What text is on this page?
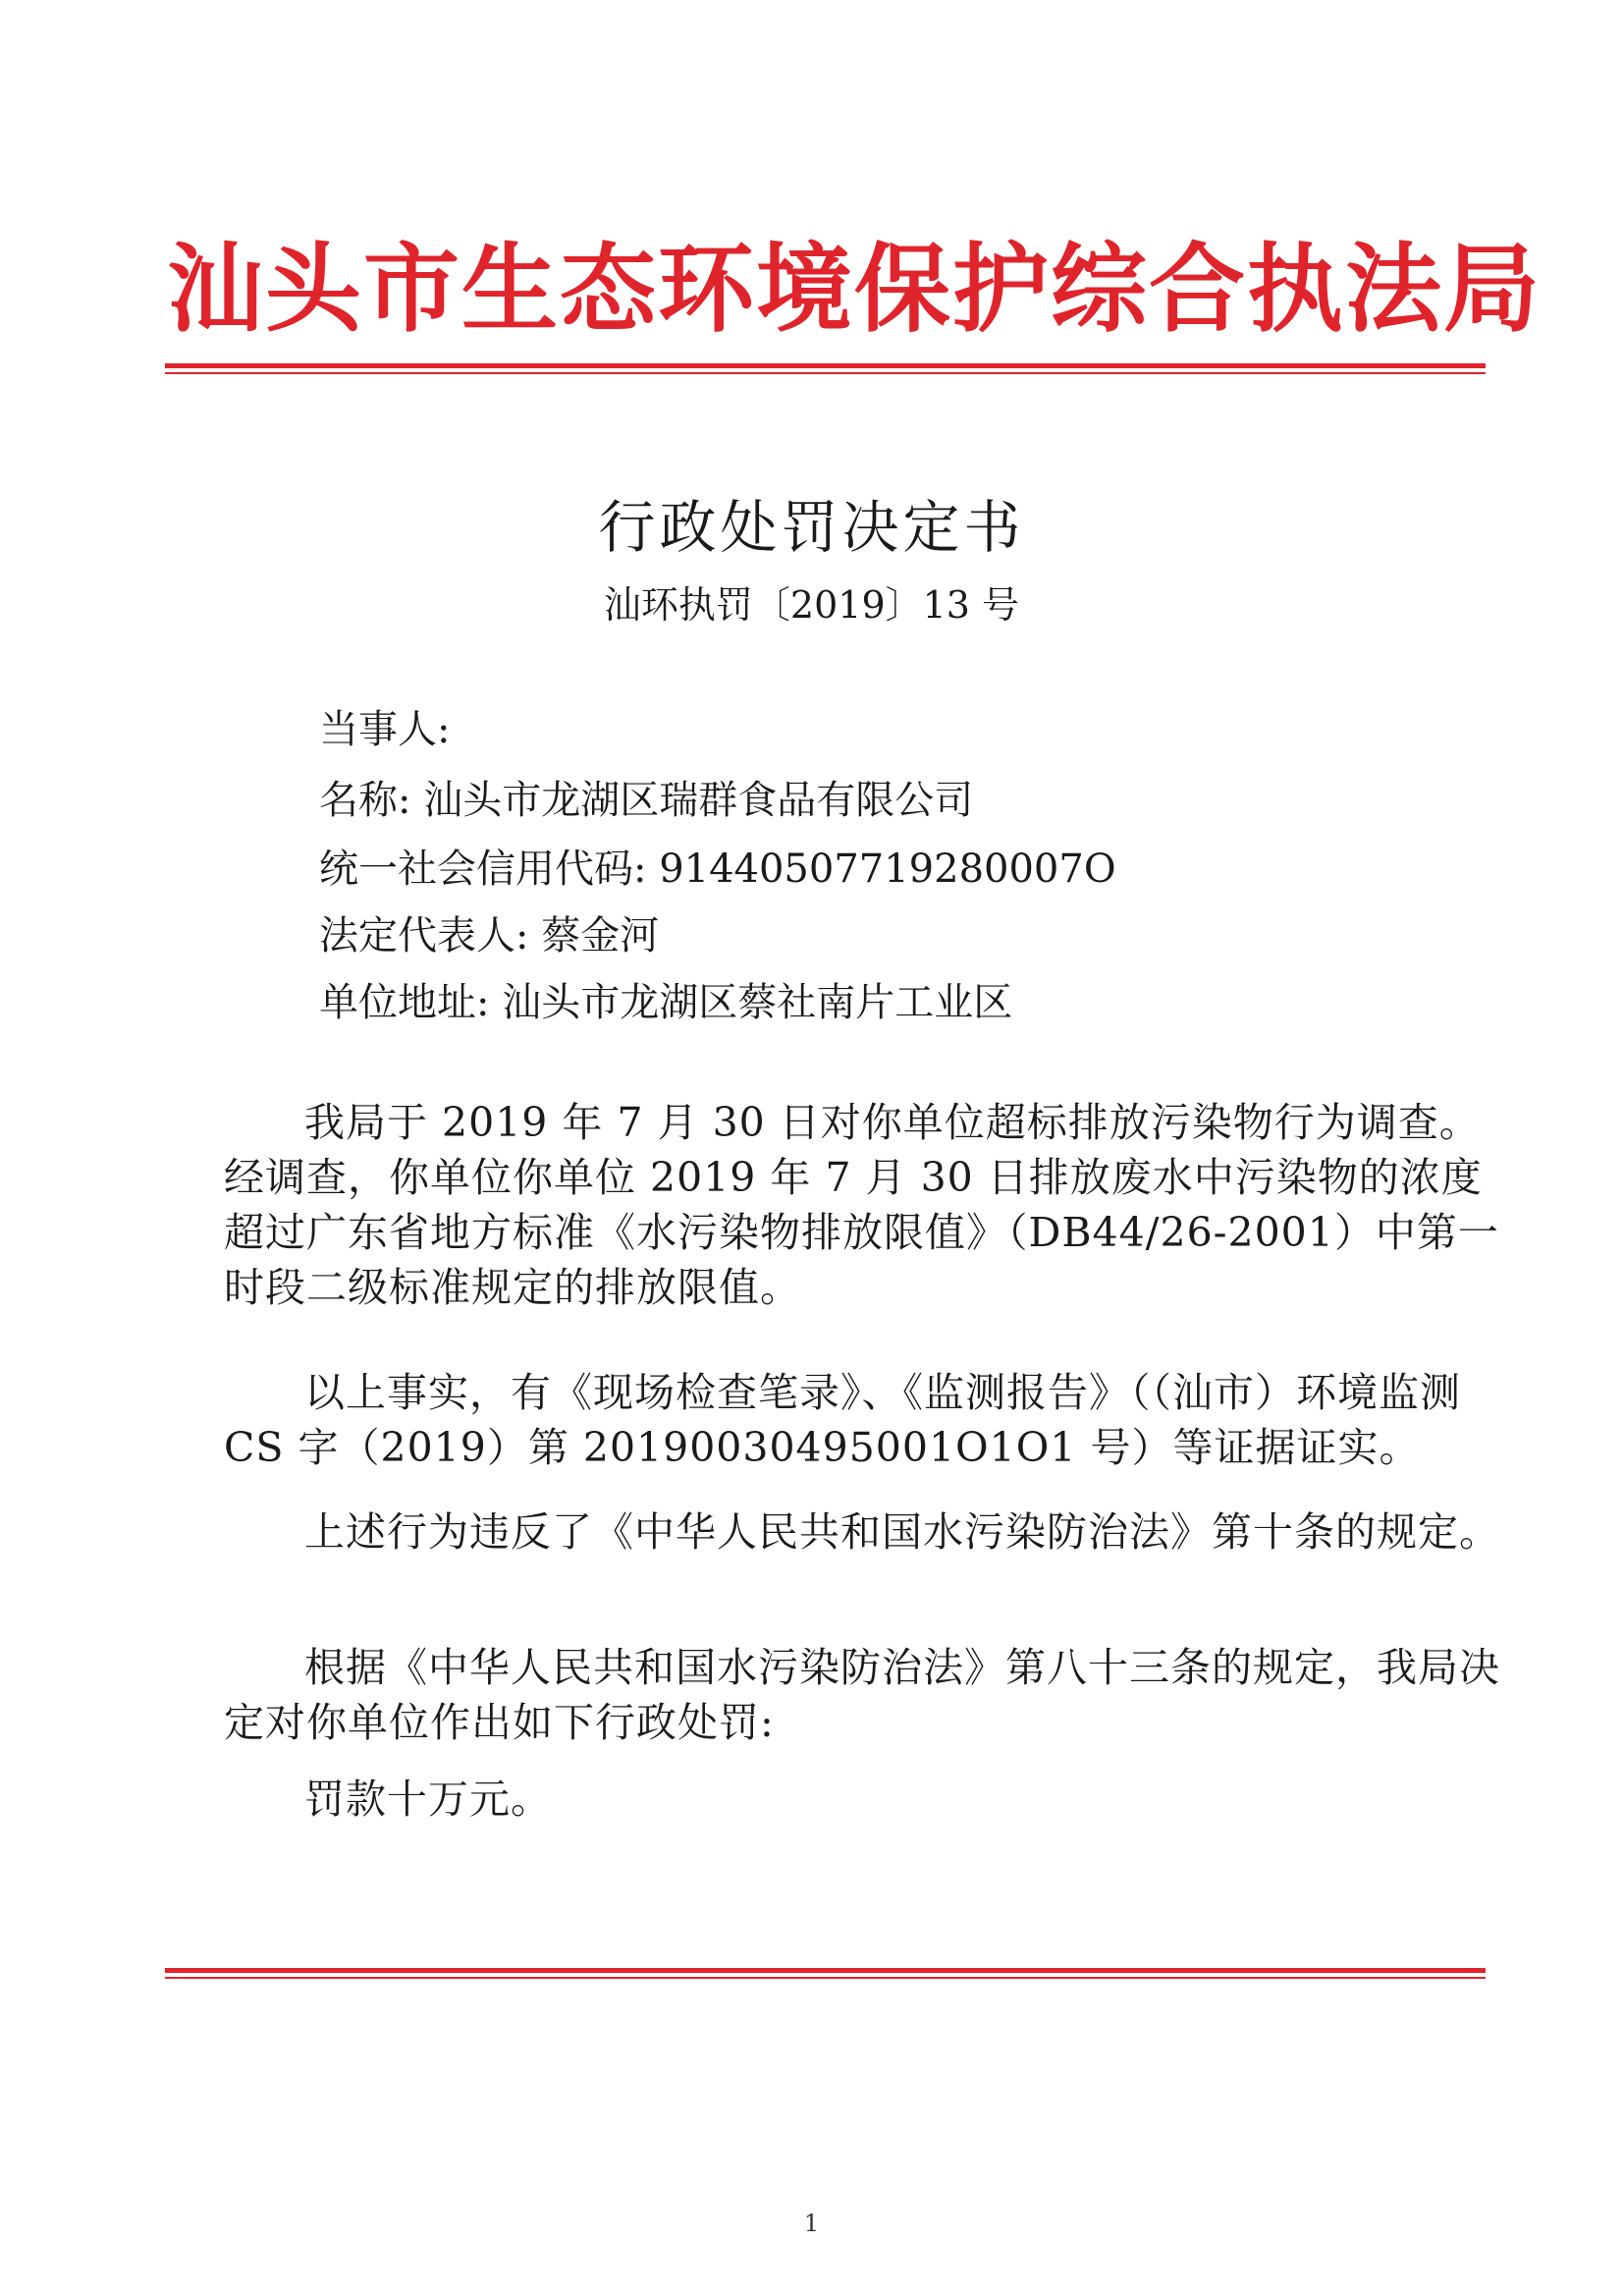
汕头市生态环境保护综合执法局
行政处罚决定书
汕环执罚〔2019〕13 号
当事人:
名称: 汕头市龙湖区瑞群食品有限公司
统一社会信用代码: 91440507719280007O
法定代表人: 蔡金河
单位地址: 汕头市龙湖区蔡社南片工业区

我局于 2019 年 7 月 30 日对你单位超标排放污染物行为调查。经调查，你单位你单位 2019 年 7 月 30 日排放废水中污染物的浓度超过广东省地方标准《水污染物排放限值》（DB44/26-2001）中第一时段二级标准规定的排放限值。

以上事实，有《现场检查笔录》、《监测报告》（（汕市）环境监测 CS 字（2019）第 20190030495001O1O1 号）等证据证实。

上述行为违反了《中华人民共和国水污染防治法》第十条的规定。

根据《中华人民共和国水污染防治法》第八十三条的规定，我局决定对你单位作出如下行政处罚:

罚款十万元。

1
